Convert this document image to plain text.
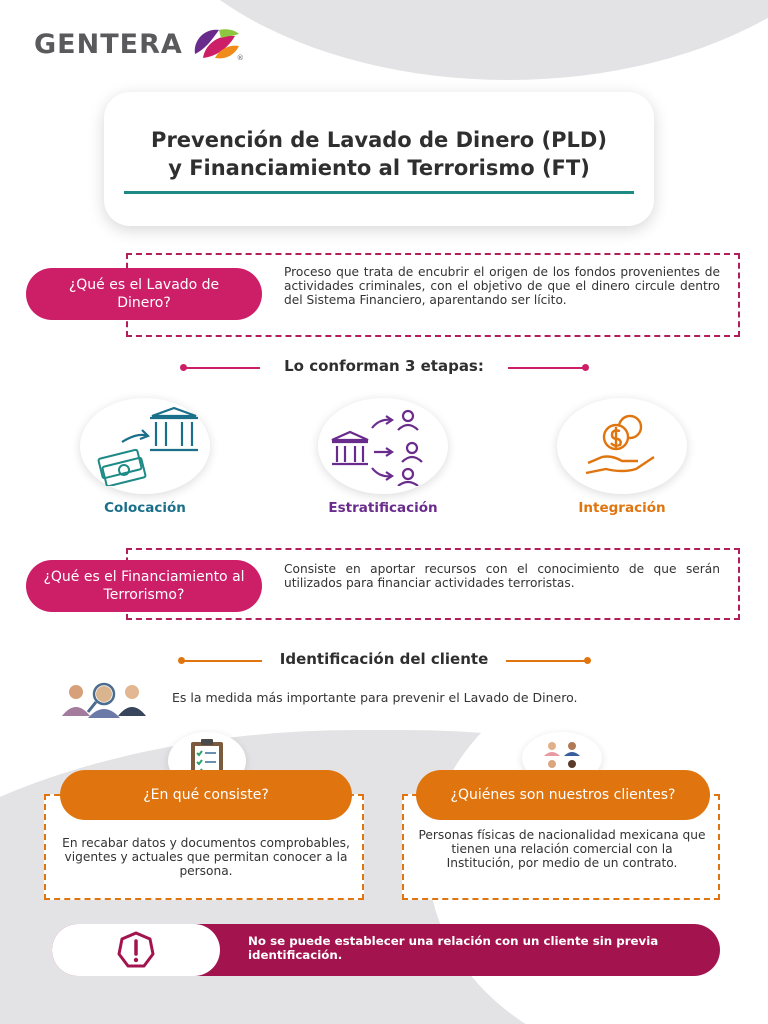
GENTERA	®
Prevención de Lavado de Dinero (PLD)
y Financiamiento al Terrorismo (FT)
¿Qué es el Lavado de Dinero?
Proceso que trata de encubrir el origen de los fondos provenientes de actividades criminales, con el objetivo de que el dinero circule dentro del Sistema Financiero, aparentando ser lícito.
Lo conforman 3 etapas:
Colocación	Estratificación	Integración
¿Qué es el Financiamiento al Terrorismo?
Consiste en aportar recursos con el conocimiento de que serán utilizados para financiar actividades terroristas.
Identificación del cliente
Es la medida más importante para prevenir el Lavado de Dinero.
¿En qué consiste?
En recabar datos y documentos comprobables, vigentes y actuales que permitan conocer a la persona.
¿Quiénes son nuestros clientes?
Personas físicas de nacionalidad mexicana que tienen una relación comercial con la Institución, por medio de un contrato.
No se puede establecer una relación con un cliente sin previa identificación.
